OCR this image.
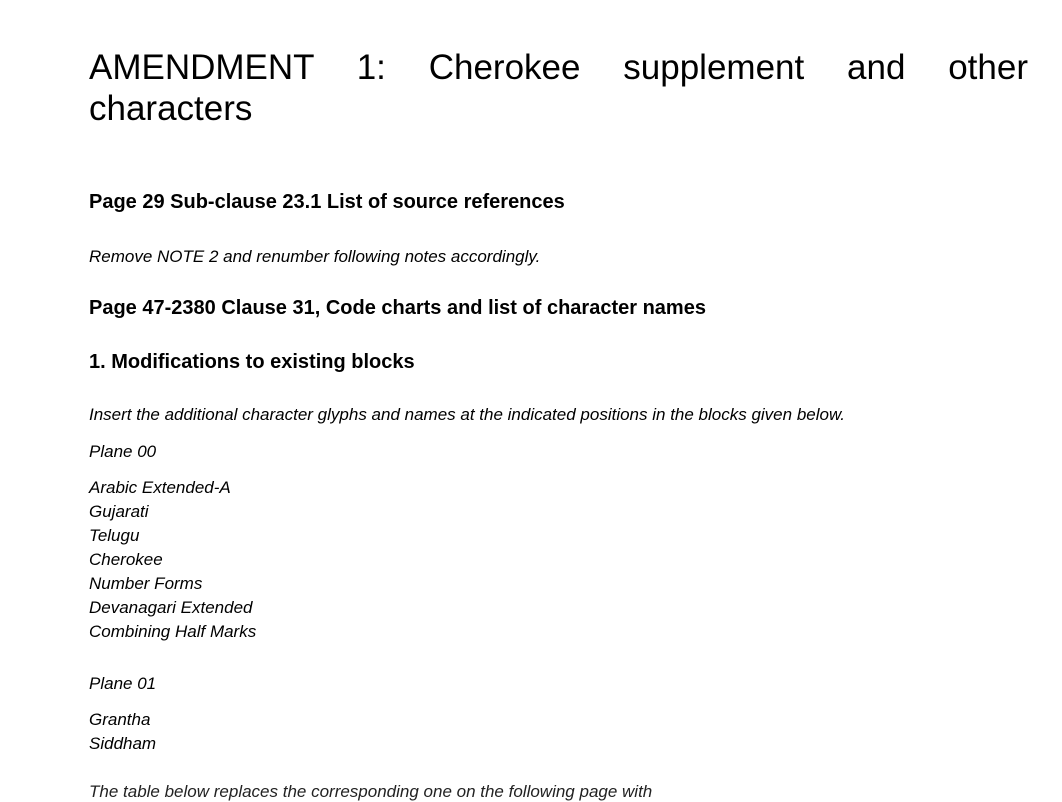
AMENDMENT 1: Cherokee supplement and other
characters
Page 29 Sub-clause 23.1 List of source references

Remove NOTE 2 and renumber following notes accordingly.

Page 47-2380 Clause 31, Code charts and list of character names
1. Modifications to existing blocks

Insert the additional character glyphs and names at the indicated positions in the blocks given below.

Plane 00

Arabic Extended-A
Gujarati
Telugu
Cherokee
Number Forms
Devanagari Extended
Combining Half Marks

Plane 01

Grantha
Siddham

The table below replaces the corresponding one on the following page with
